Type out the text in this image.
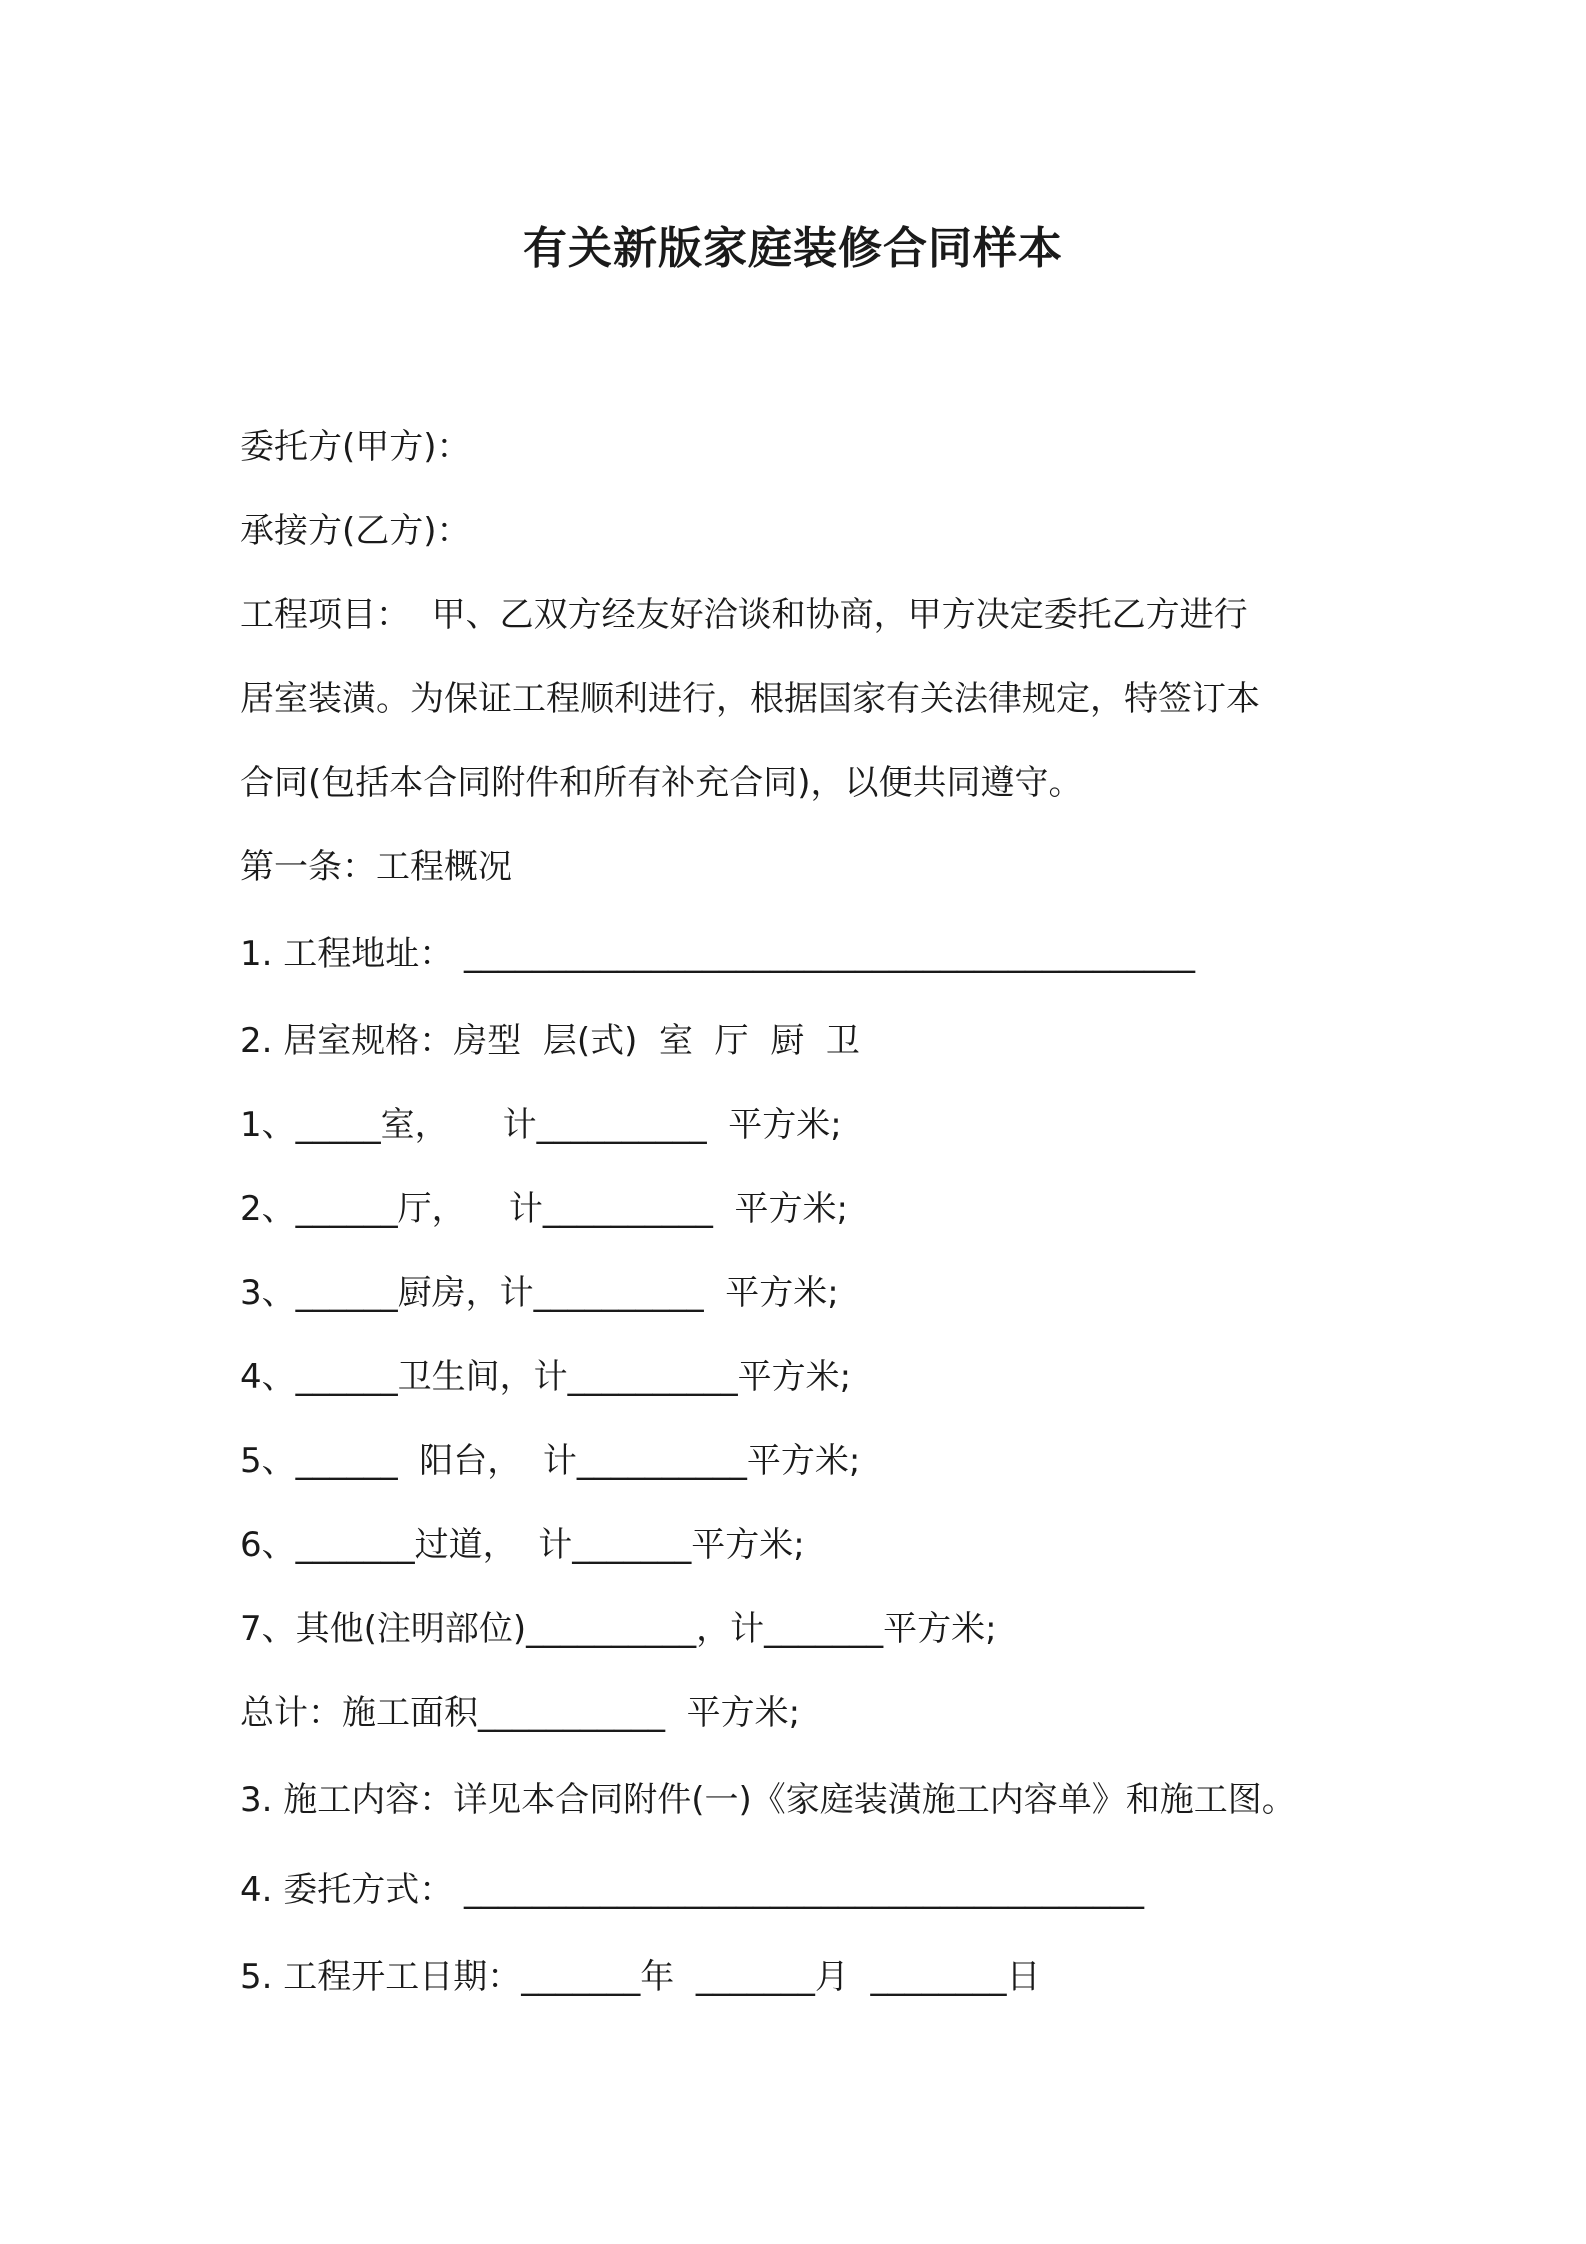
有关新版家庭装修合同样本

委托方(甲方)：

承接方(乙方)：

工程项目：  甲、乙双方经友好洽谈和协商，甲方决定委托乙方进行

居室装潢。为保证工程顺利进行，根据国家有关法律规定，特签订本

合同(包括本合同附件和所有补充合同)，以便共同遵守。

第一条：工程概况

1. 工程地址： ___________________________________________

2. 居室规格：房型  层(式)  室  厅  厨  卫

1、_____室，     计__________  平方米;

2、______厅，    计__________  平方米;

3、______厨房，计__________  平方米;

4、______卫生间，计__________平方米;

5、______  阳台，  计__________平方米;

6、_______过道，  计_______平方米;

7、其他(注明部位)__________，计_______平方米;

总计：施工面积___________  平方米;

3. 施工内容：详见本合同附件(一)《家庭装潢施工内容单》和施工图。

4. 委托方式： ________________________________________

5. 工程开工日期：_______年  _______月  ________日
